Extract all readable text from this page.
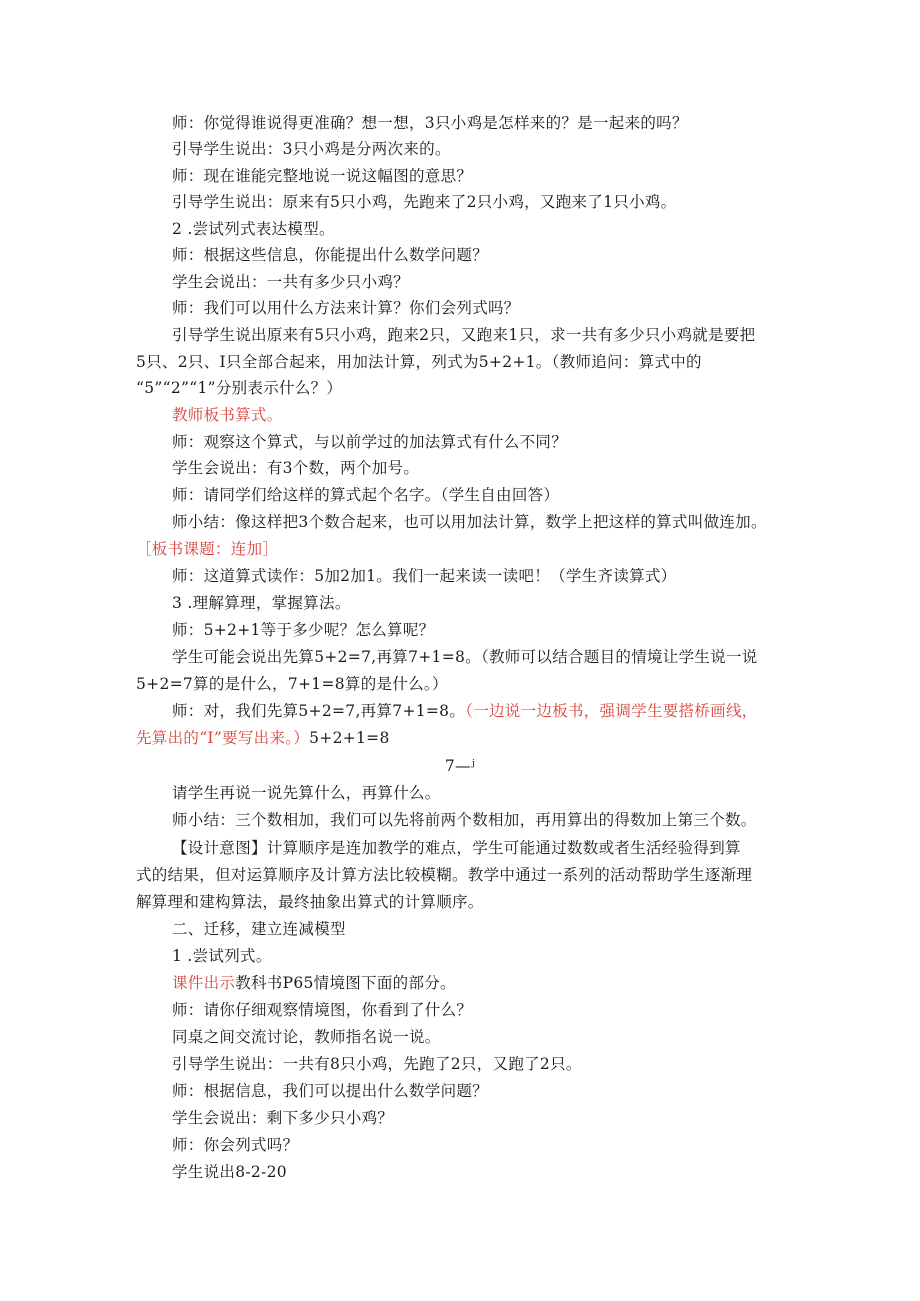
师：你觉得谁说得更准确？想一想，3只小鸡是怎样来的？是一起来的吗？
引导学生说出：3只小鸡是分两次来的。
师：现在谁能完整地说一说这幅图的意思？
引导学生说出：原来有5只小鸡，先跑来了2只小鸡，又跑来了1只小鸡。
2 .尝试列式表达模型。
师：根据这些信息，你能提出什么数学问题？
学生会说出：一共有多少只小鸡？
师：我们可以用什么方法来计算？你们会列式吗？
引导学生说出原来有5只小鸡，跑来2只，又跑来1只，求一共有多少只小鸡就是要把
5只、2只、I只全部合起来，用加法计算，列式为5+2+1。（教师追问：算式中的
“5”“2”“1”分别表示什么？）
教师板书算式。
师：观察这个算式，与以前学过的加法算式有什么不同？
学生会说出：有3个数，两个加号。
师：请同学们给这样的算式起个名字。（学生自由回答）
师小结：像这样把3个数合起来，也可以用加法计算，数学上把这样的算式叫做连加。
［板书课题：连加］
师：这道算式读作：5加2加1。我们一起来读一读吧！（学生齐读算式）
3 .理解算理，掌握算法。
师：5+2+1等于多少呢？怎么算呢？
学生可能会说出先算5+2=7,再算7+1=8。（教师可以结合题目的情境让学生说一说
5+2=7算的是什么，7+1=8算的是什么。）
师：对，我们先算5+2=7,再算7+1=8。（一边说一边板书，强调学生要搭桥画线，
先算出的“I”要写出来。）5+2+1=8
7—ʲ
请学生再说一说先算什么，再算什么。
师小结：三个数相加，我们可以先将前两个数相加，再用算出的得数加上第三个数。
【设计意图】计算顺序是连加教学的难点，学生可能通过数数或者生活经验得到算
式的结果，但对运算顺序及计算方法比较模糊。教学中通过一系列的活动帮助学生逐渐理
解算理和建构算法，最终抽象出算式的计算顺序。
二、迁移，建立连减模型
1 .尝试列式。
课件出示教科书P65情境图下面的部分。
师：请你仔细观察情境图，你看到了什么？
同桌之间交流讨论，教师指名说一说。
引导学生说出：一共有8只小鸡，先跑了2只，又跑了2只。
师：根据信息，我们可以提出什么数学问题？
学生会说出：剩下多少只小鸡？
师：你会列式吗？
学生说出8-2-20
